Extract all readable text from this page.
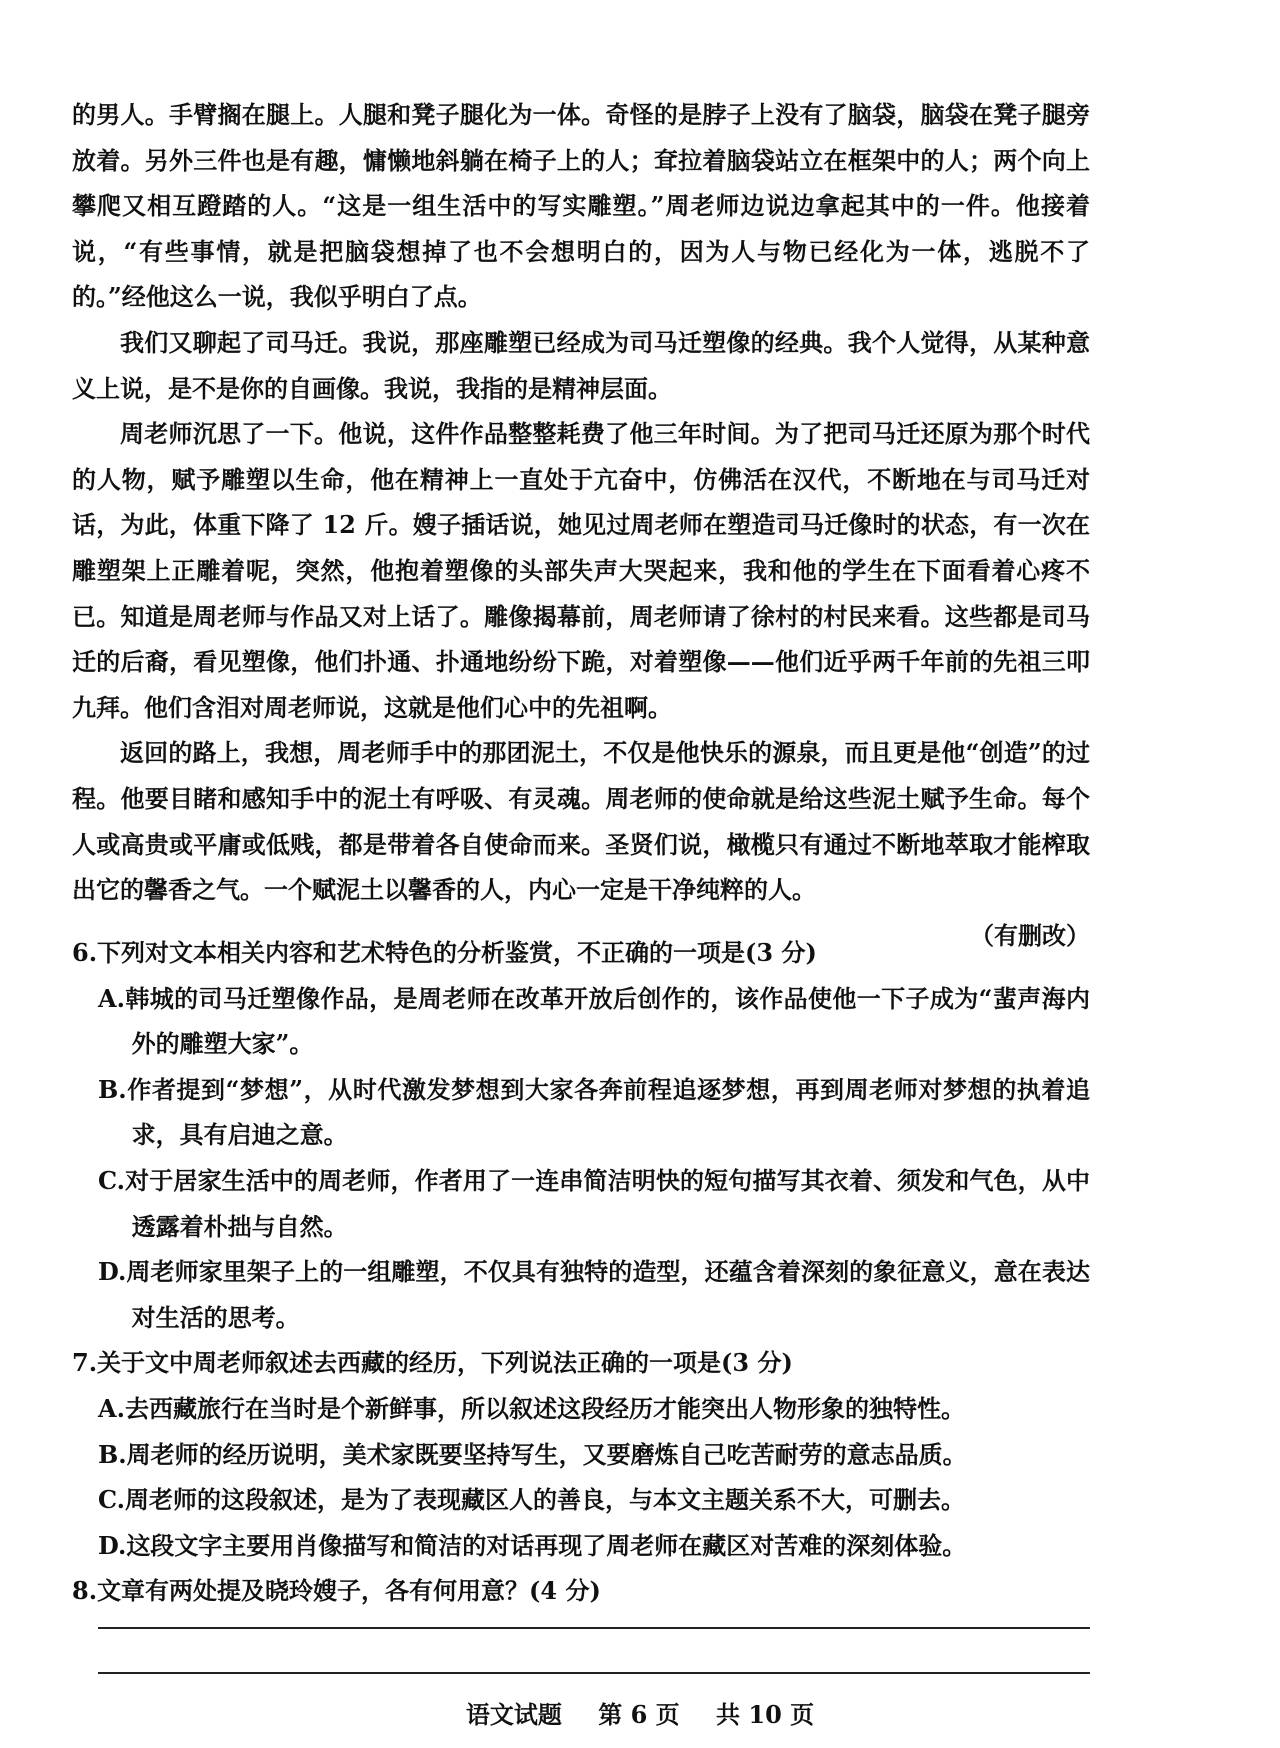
的男人。手臂搁在腿上。人腿和凳子腿化为一体。奇怪的是脖子上没有了脑袋，脑袋在凳子腿旁放着。另外三件也是有趣，慵懒地斜躺在椅子上的人；耷拉着脑袋站立在框架中的人；两个向上攀爬又相互蹬踏的人。“这是一组生活中的写实雕塑。”周老师边说边拿起其中的一件。他接着说，“有些事情，就是把脑袋想掉了也不会想明白的，因为人与物已经化为一体，逃脱不了的。”经他这么一说，我似乎明白了点。

我们又聊起了司马迁。我说，那座雕塑已经成为司马迁塑像的经典。我个人觉得，从某种意义上说，是不是你的自画像。我说，我指的是精神层面。

周老师沉思了一下。他说，这件作品整整耗费了他三年时间。为了把司马迁还原为那个时代的人物，赋予雕塑以生命，他在精神上一直处于亢奋中，仿佛活在汉代，不断地在与司马迁对话，为此，体重下降了 12 斤。嫂子插话说，她见过周老师在塑造司马迁像时的状态，有一次在雕塑架上正雕着呢，突然，他抱着塑像的头部失声大哭起来，我和他的学生在下面看着心疼不已。知道是周老师与作品又对上话了。雕像揭幕前，周老师请了徐村的村民来看。这些都是司马迁的后裔，看见塑像，他们扑通、扑通地纷纷下跪，对着塑像——他们近乎两千年前的先祖三叩九拜。他们含泪对周老师说，这就是他们心中的先祖啊。

返回的路上，我想，周老师手中的那团泥土，不仅是他快乐的源泉，而且更是他“创造”的过程。他要目睹和感知手中的泥土有呼吸、有灵魂。周老师的使命就是给这些泥土赋予生命。每个人或高贵或平庸或低贱，都是带着各自使命而来。圣贤们说，橄榄只有通过不断地萃取才能榨取出它的馨香之气。一个赋泥土以馨香的人，内心一定是干净纯粹的人。

（有删改）

6.下列对文本相关内容和艺术特色的分析鉴赏，不正确的一项是(3 分)

A.韩城的司马迁塑像作品，是周老师在改革开放后创作的，该作品使他一下子成为“蜚声海内外的雕塑大家”。

B.作者提到“梦想”，从时代激发梦想到大家各奔前程追逐梦想，再到周老师对梦想的执着追求，具有启迪之意。

C.对于居家生活中的周老师，作者用了一连串简洁明快的短句描写其衣着、须发和气色，从中透露着朴拙与自然。

D.周老师家里架子上的一组雕塑，不仅具有独特的造型，还蕴含着深刻的象征意义，意在表达对生活的思考。

7.关于文中周老师叙述去西藏的经历，下列说法正确的一项是(3 分)

A.去西藏旅行在当时是个新鲜事，所以叙述这段经历才能突出人物形象的独特性。

B.周老师的经历说明，美术家既要坚持写生，又要磨炼自己吃苦耐劳的意志品质。

C.周老师的这段叙述，是为了表现藏区人的善良，与本文主题关系不大，可删去。

D.这段文字主要用肖像描写和简洁的对话再现了周老师在藏区对苦难的深刻体验。

8.文章有两处提及晓玲嫂子，各有何用意？(4 分)

语文试题 第 6 页 共 10 页
